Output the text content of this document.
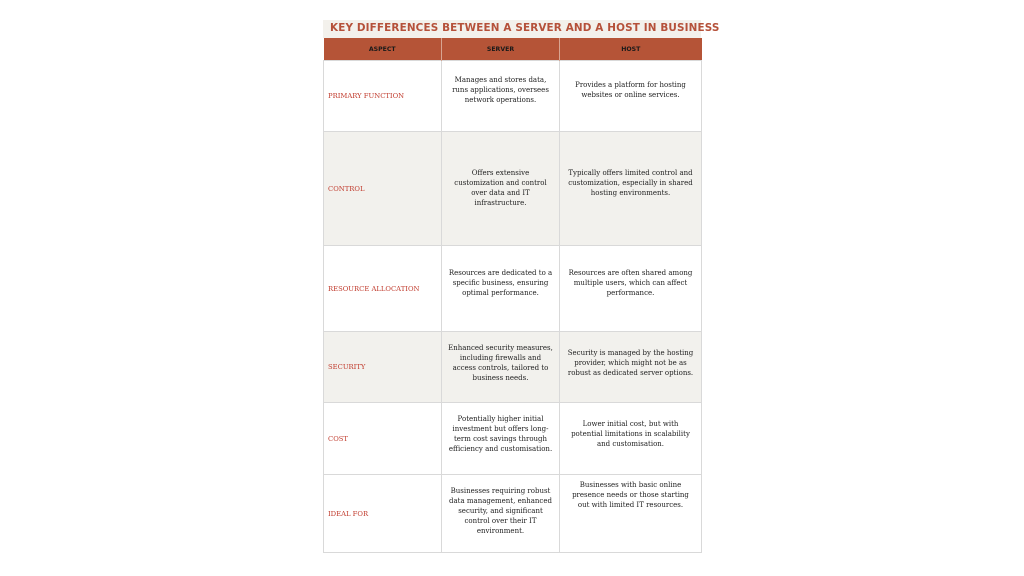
KEY DIFFERENCES BETWEEN A SERVER AND A HOST IN BUSINESS
ASPECT	SERVER	HOST
PRIMARY FUNCTION	Manages and stores data, runs applications, oversees network operations.	Provides a platform for hosting websites or online services.
CONTROL	Offers extensive customization and control over data and IT infrastructure.	Typically offers limited control and customization, especially in shared hosting environments.
RESOURCE ALLOCATION	Resources are dedicated to a specific business, ensuring optimal performance.	Resources are often shared among multiple users, which can affect performance.
SECURITY	Enhanced security measures, including firewalls and access controls, tailored to business needs.	Security is managed by the hosting provider, which might not be as robust as dedicated server options.
COST	Potentially higher initial investment but offers long-term cost savings through efficiency and customisation.	Lower initial cost, but with potential limitations in scalability and customisation.
IDEAL FOR	Businesses requiring robust data management, enhanced security, and significant control over their IT environment.	Businesses with basic online presence needs or those starting out with limited IT resources.
